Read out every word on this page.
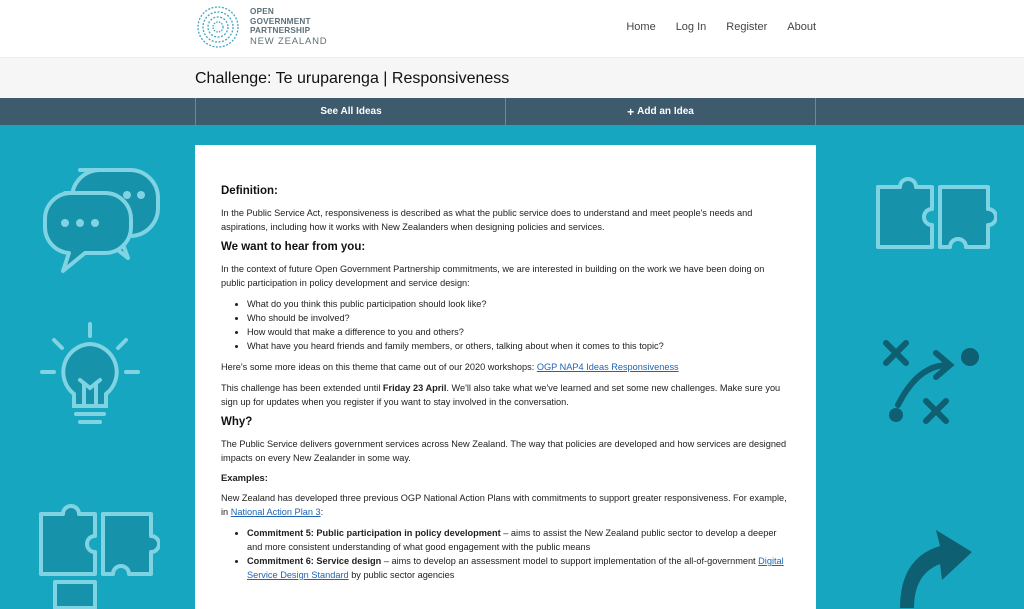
OPEN
GOVERNMENT
PARTNERSHIP
NEW ZEALAND
Home Log In Register About
Challenge: Te uruparenga | Responsiveness
See All Ideas	+ Add an Idea
Definition:

In the Public Service Act, responsiveness is described as what the public service does to understand and meet people's needs and aspirations, including how it works with New Zealanders when designing policies and services.

We want to hear from you:

In the context of future Open Government Partnership commitments, we are interested in building on the work we have been doing on public participation in policy development and service design:

• What do you think this public participation should look like?
• Who should be involved?
• How would that make a difference to you and others?
• What have you heard friends and family members, or others, talking about when it comes to this topic?

Here's some more ideas on this theme that came out of our 2020 workshops: OGP NAP4 Ideas Responsiveness

This challenge has been extended until Friday 23 April. We'll also take what we've learned and set some new challenges. Make sure you sign up for updates when you register if you want to stay involved in the conversation.

Why?

The Public Service delivers government services across New Zealand. The way that policies are developed and how services are designed impacts on every New Zealander in some way.

Examples:

New Zealand has developed three previous OGP National Action Plans with commitments to support greater responsiveness. For example, in National Action Plan 3:

• Commitment 5: Public participation in policy development – aims to assist the New Zealand public sector to develop a deeper and more consistent understanding of what good engagement with the public means
• Commitment 6: Service design – aims to develop an assessment model to support implementation of the all-of-government Digital Service Design Standard by public sector agencies
